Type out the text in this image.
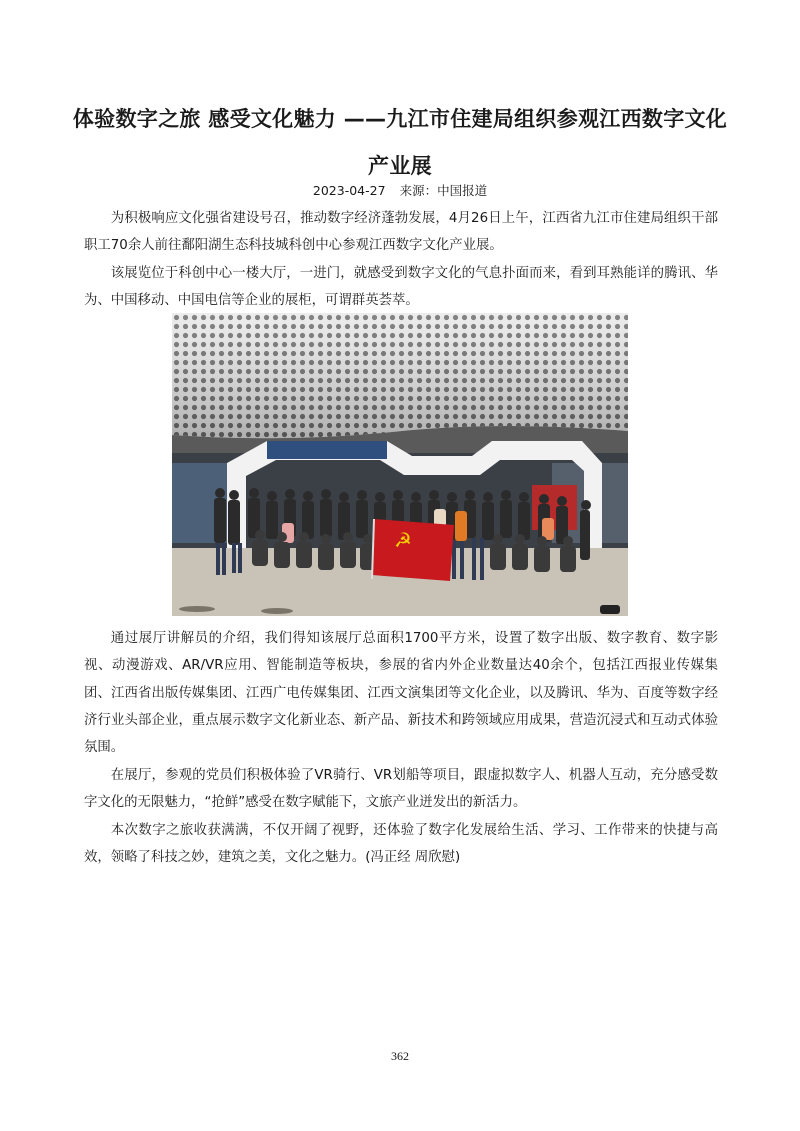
体验数字之旅 感受文化魅力 ——九江市住建局组织参观江西数字文化产业展
2023-04-27 来源：中国报道

为积极响应文化强省建设号召，推动数字经济蓬勃发展，4月26日上午，江西省九江市住建局组织干部职工70余人前往鄱阳湖生态科技城科创中心参观江西数字文化产业展。

该展览位于科创中心一楼大厅，一进门，就感受到数字文化的气息扑面而来，看到耳熟能详的腾讯、华为、中国移动、中国电信等企业的展柜，可谓群英荟萃。

☭

通过展厅讲解员的介绍，我们得知该展厅总面积1700平方米，设置了数字出版、数字教育、数字影视、动漫游戏、AR/VR应用、智能制造等板块，参展的省内外企业数量达40余个，包括江西报业传媒集团、江西省出版传媒集团、江西广电传媒集团、江西文演集团等文化企业，以及腾讯、华为、百度等数字经济行业头部企业，重点展示数字文化新业态、新产品、新技术和跨领域应用成果，营造沉浸式和互动式体验氛围。

在展厅，参观的党员们积极体验了VR骑行、VR划船等项目，跟虚拟数字人、机器人互动，充分感受数字文化的无限魅力，“抢鲜”感受在数字赋能下，文旅产业迸发出的新活力。

本次数字之旅收获满满，不仅开阔了视野，还体验了数字化发展给生活、学习、工作带来的快捷与高效，领略了科技之妙，建筑之美，文化之魅力。(冯正经 周欣慰)

362
